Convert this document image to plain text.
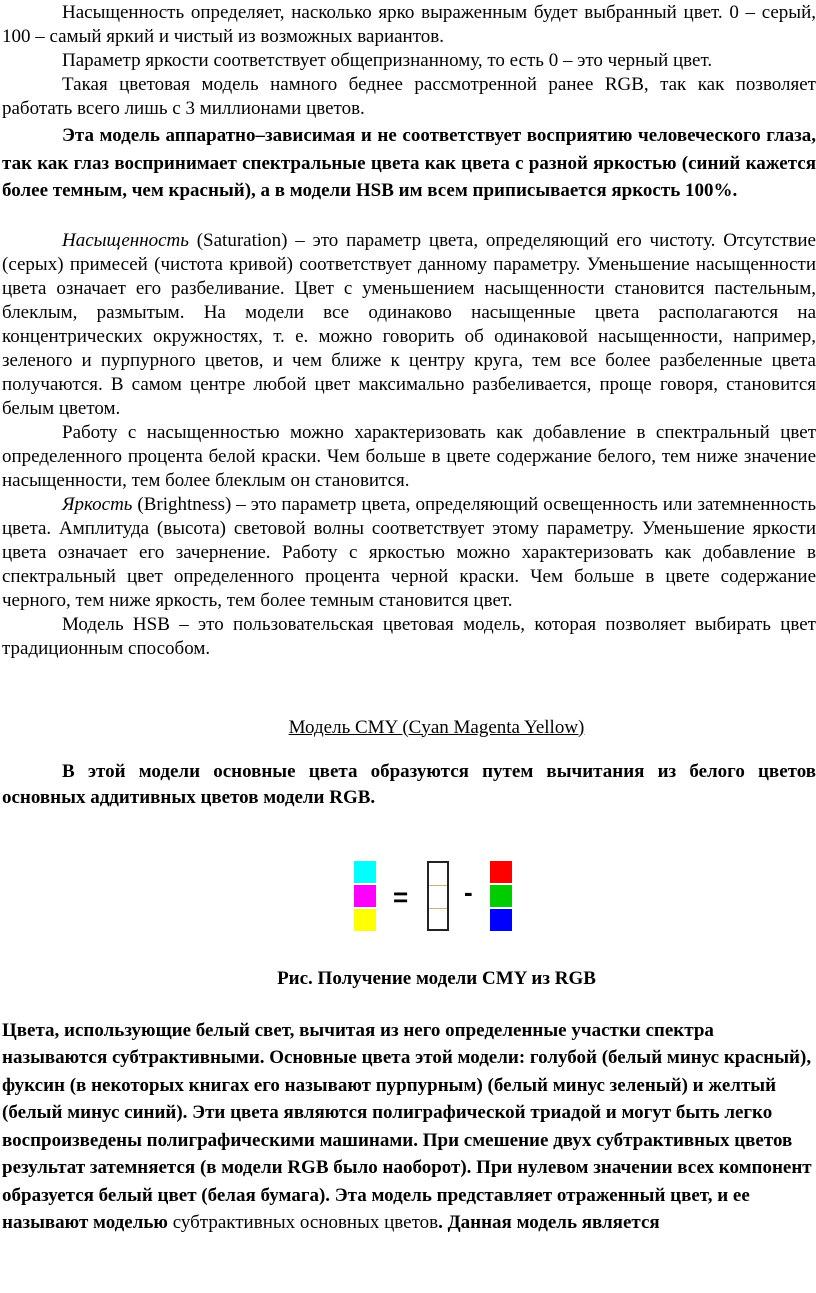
Насыщенность определяет, насколько ярко выраженным будет выбранный цвет. 0 – серый, 100 – самый яркий и чистый из возможных вариантов.

Параметр яркости соответствует общепризнанному, то есть 0 – это черный цвет.

Такая цветовая модель намного беднее рассмотренной ранее RGB, так как позволяет работать всего лишь с 3 миллионами цветов.

Эта модель аппаратно–зависимая и не соответствует восприятию человеческого глаза, так как глаз воспринимает спектральные цвета как цвета с разной яркостью (синий кажется более темным, чем красный), а в модели HSB им всем приписывается яркость 100%.

Насыщенность (Saturation) – это параметр цвета, определяющий его чистоту. Отсутствие (серых) примесей (чистота кривой) соответствует данному параметру. Уменьшение насыщенности цвета означает его разбеливание. Цвет с уменьшением насыщенности становится пастельным, блеклым, размытым. На модели все одинаково насыщенные цвета располагаются на концентрических окружностях, т. е. можно говорить об одинаковой насыщенности, например, зеленого и пурпурного цветов, и чем ближе к центру круга, тем все более разбеленные цвета получаются. В самом центре любой цвет максимально разбеливается, проще говоря, становится белым цветом.

Работу с насыщенностью можно характеризовать как добавление в спектральный цвет определенного процента белой краски. Чем больше в цвете содержание белого, тем ниже значение насыщенности, тем более блеклым он становится.

Яркость (Brightness) – это параметр цвета, определяющий освещенность или затемненность цвета. Амплитуда (высота) световой волны соответствует этому параметру. Уменьшение яркости цвета означает его зачернение. Работу с яркостью можно характеризовать как добавление в спектральный цвет определенного процента черной краски. Чем больше в цвете содержание черного, тем ниже яркость, тем более темным становится цвет.

Модель HSB – это пользовательская цветовая модель, которая позволяет выбирать цвет традиционным способом.

Модель CMY (Cyan Magenta Yellow)

В этой модели основные цвета образуются путем вычитания из белого цветов основных аддитивных цветов модели RGB.

= -

Рис. Получение модели CMY из RGB

Цвета, использующие белый свет, вычитая из него определенные участки спектра называются субтрактивными. Основные цвета этой модели: голубой (белый минус красный), фуксин (в некоторых книгах его называют пурпурным) (белый минус зеленый) и желтый (белый минус синий). Эти цвета являются полиграфической триадой и могут быть легко воспроизведены полиграфическими машинами. При смешение двух субтрактивных цветов результат затемняется (в модели RGB было наоборот). При нулевом значении всех компонент образуется белый цвет (белая бумага). Эта модель представляет отраженный цвет, и ее называют моделью субтрактивных основных цветов. Данная модель является
